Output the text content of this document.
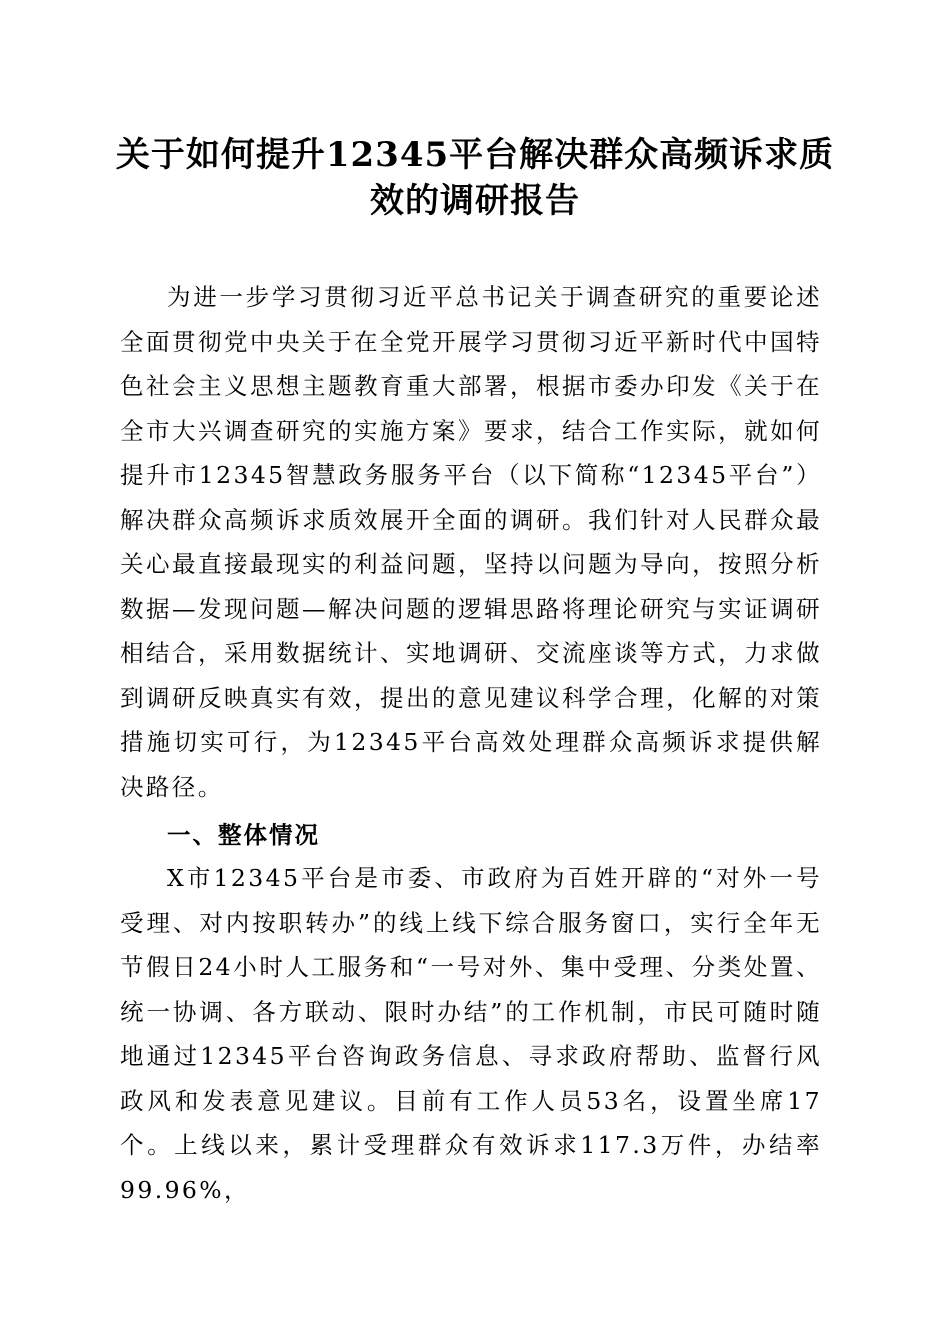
关于如何提升12345平台解决群众高频诉求质效的调研报告

为进一步学习贯彻习近平总书记关于调查研究的重要论述全面贯彻党中央关于在全党开展学习贯彻习近平新时代中国特色社会主义思想主题教育重大部署，根据市委办印发《关于在全市大兴调查研究的实施方案》要求，结合工作实际，就如何提升市12345智慧政务服务平台（以下简称“12345平台”）解决群众高频诉求质效展开全面的调研。我们针对人民群众最关心最直接最现实的利益问题，坚持以问题为导向，按照分析数据—发现问题—解决问题的逻辑思路将理论研究与实证调研相结合，采用数据统计、实地调研、交流座谈等方式，力求做到调研反映真实有效，提出的意见建议科学合理，化解的对策措施切实可行，为12345平台高效处理群众高频诉求提供解决路径。

一、整体情况

X市12345平台是市委、市政府为百姓开辟的“对外一号受理、对内按职转办”的线上线下综合服务窗口，实行全年无节假日24小时人工服务和“一号对外、集中受理、分类处置、统一协调、各方联动、限时办结”的工作机制，市民可随时随地通过12345平台咨询政务信息、寻求政府帮助、监督行风政风和发表意见建议。目前有工作人员53名，设置坐席17个。上线以来，累计受理群众有效诉求117.3万件，办结率99.96%，
